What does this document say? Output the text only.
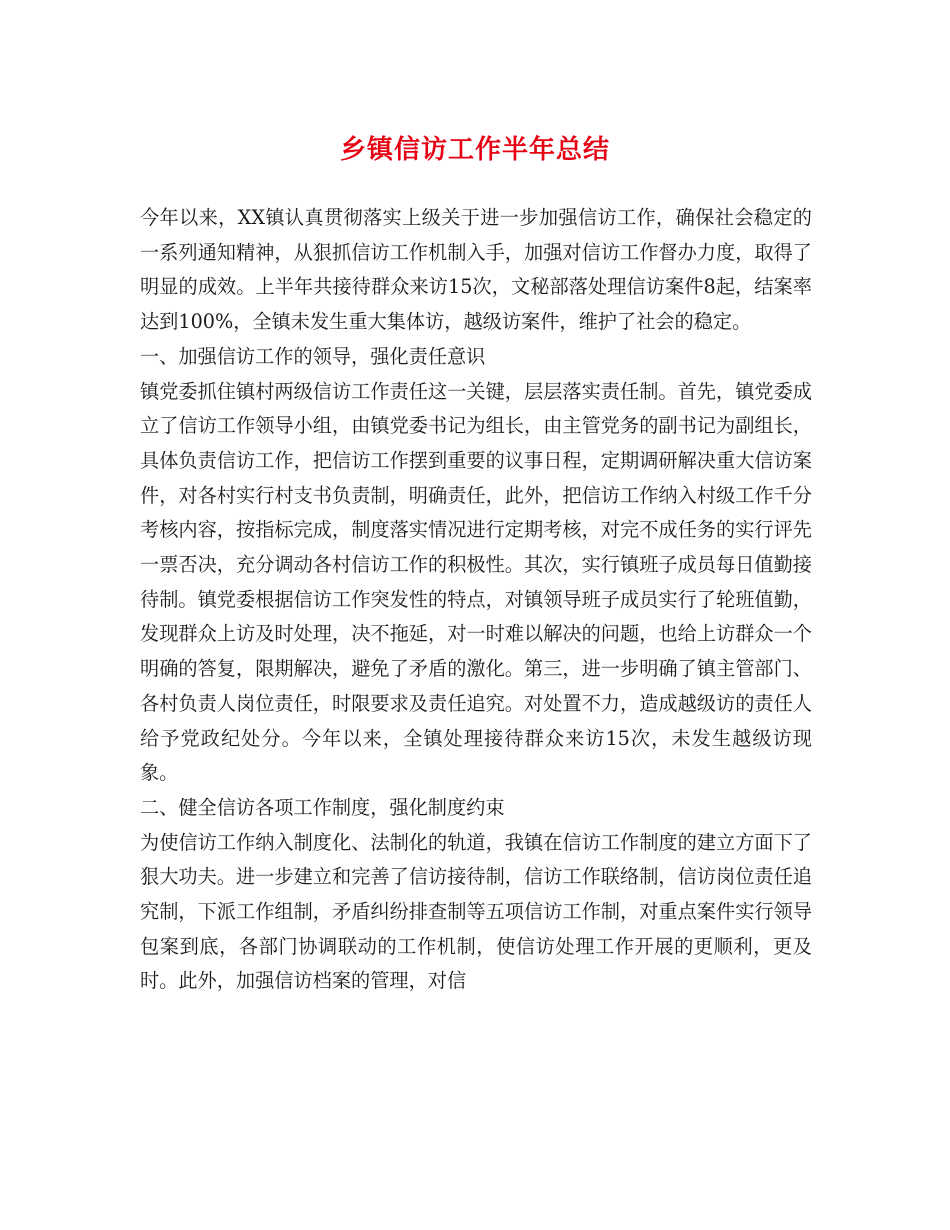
乡镇信访工作半年总结

今年以来，XX镇认真贯彻落实上级关于进一步加强信访工作，确保社会稳定的一系列通知精神，从狠抓信访工作机制入手，加强对信访工作督办力度，取得了明显的成效。上半年共接待群众来访15次，文秘部落处理信访案件8起，结案率达到100%，全镇未发生重大集体访，越级访案件，维护了社会的稳定。

一、加强信访工作的领导，强化责任意识

镇党委抓住镇村两级信访工作责任这一关键，层层落实责任制。首先，镇党委成立了信访工作领导小组，由镇党委书记为组长，由主管党务的副书记为副组长，具体负责信访工作，把信访工作摆到重要的议事日程，定期调研解决重大信访案件，对各村实行村支书负责制，明确责任，此外，把信访工作纳入村级工作千分考核内容，按指标完成，制度落实情况进行定期考核，对完不成任务的实行评先一票否决，充分调动各村信访工作的积极性。其次，实行镇班子成员每日值勤接待制。镇党委根据信访工作突发性的特点，对镇领导班子成员实行了轮班值勤，发现群众上访及时处理，决不拖延，对一时难以解决的问题，也给上访群众一个明确的答复，限期解决，避免了矛盾的激化。第三，进一步明确了镇主管部门、各村负责人岗位责任，时限要求及责任追究。对处置不力，造成越级访的责任人给予党政纪处分。今年以来，全镇处理接待群众来访15次，未发生越级访现象。

二、健全信访各项工作制度，强化制度约束

为使信访工作纳入制度化、法制化的轨道，我镇在信访工作制度的建立方面下了狠大功夫。进一步建立和完善了信访接待制，信访工作联络制，信访岗位责任追究制，下派工作组制，矛盾纠纷排查制等五项信访工作制，对重点案件实行领导包案到底，各部门协调联动的工作机制，使信访处理工作开展的更顺利，更及时。此外，加强信访档案的管理，对信
